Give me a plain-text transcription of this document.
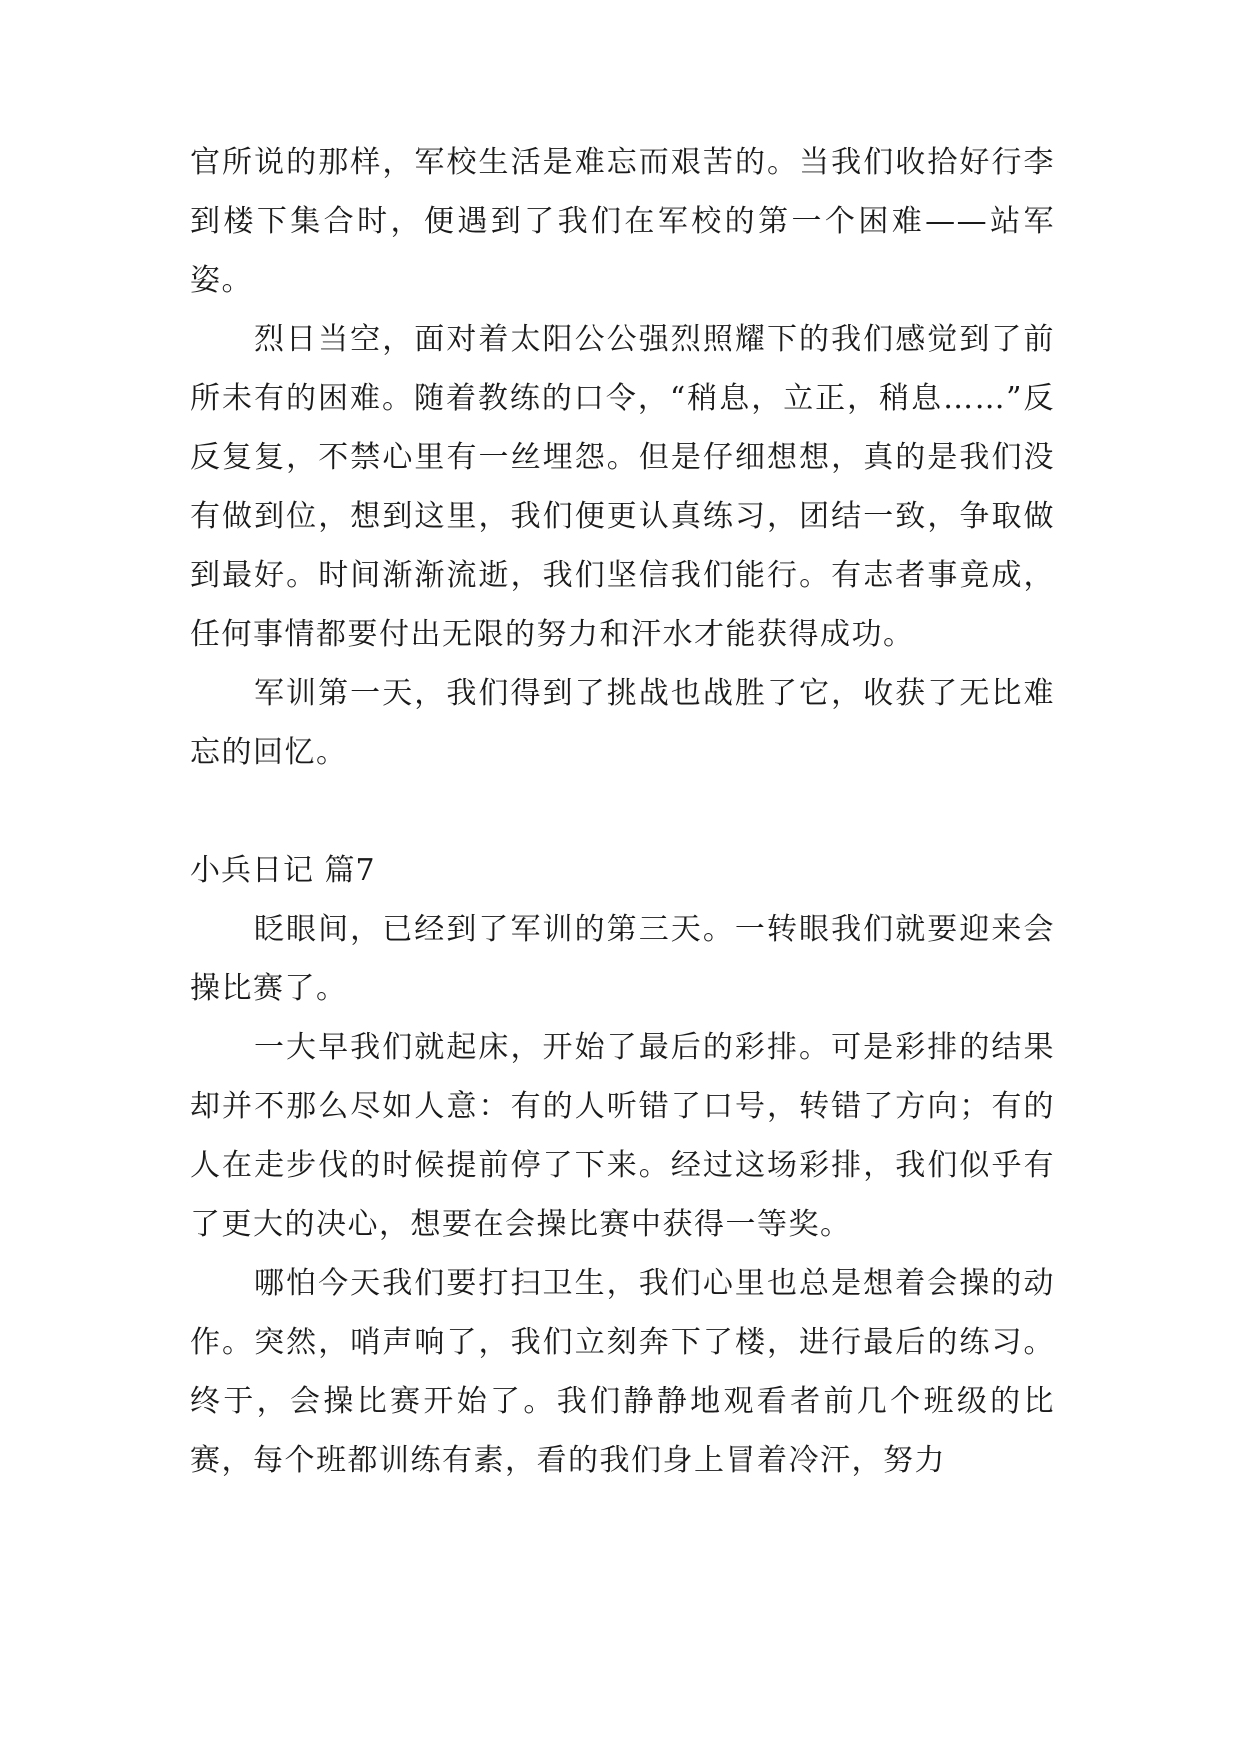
官所说的那样，军校生活是难忘而艰苦的。当我们收拾好行李到楼下集合时，便遇到了我们在军校的第一个困难——站军姿。

烈日当空，面对着太阳公公强烈照耀下的我们感觉到了前所未有的困难。随着教练的口令，“稍息，立正，稍息……”反反复复，不禁心里有一丝埋怨。但是仔细想想，真的是我们没有做到位，想到这里，我们便更认真练习，团结一致，争取做到最好。时间渐渐流逝，我们坚信我们能行。有志者事竟成，任何事情都要付出无限的努力和汗水才能获得成功。

军训第一天，我们得到了挑战也战胜了它，收获了无比难忘的回忆。

小兵日记 篇7

眨眼间，已经到了军训的第三天。一转眼我们就要迎来会操比赛了。

一大早我们就起床，开始了最后的彩排。可是彩排的结果却并不那么尽如人意：有的人听错了口号，转错了方向；有的人在走步伐的时候提前停了下来。经过这场彩排，我们似乎有了更大的决心，想要在会操比赛中获得一等奖。

哪怕今天我们要打扫卫生，我们心里也总是想着会操的动作。突然，哨声响了，我们立刻奔下了楼，进行最后的练习。终于，会操比赛开始了。我们静静地观看者前几个班级的比赛，每个班都训练有素，看的我们身上冒着冷汗，努力
